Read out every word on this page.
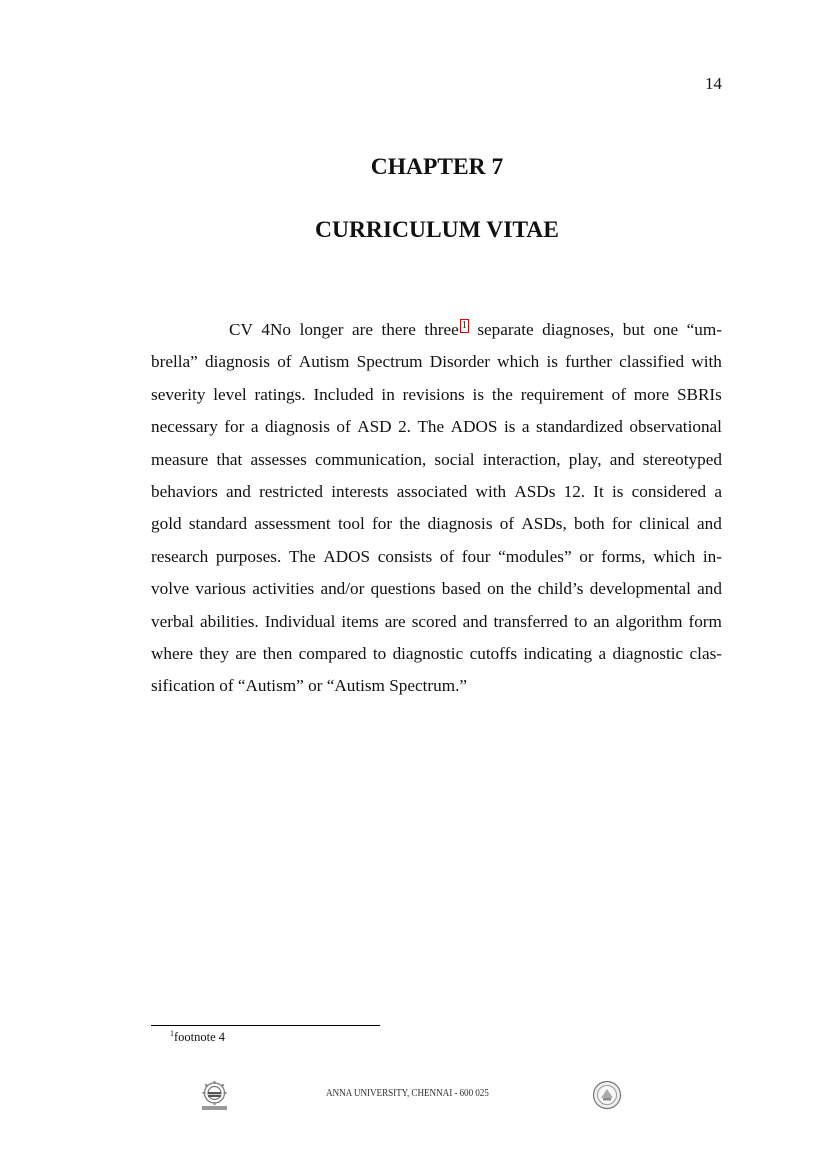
14
CHAPTER 7
CURRICULUM VITAE
CV 4No longer are there three 1 separate diagnoses, but one “um-
brella” diagnosis of Autism Spectrum Disorder which is further classified with
severity level ratings. Included in revisions is the requirement of more SBRIs
necessary for a diagnosis of ASD 2. The ADOS is a standardized observational
measure that assesses communication, social interaction, play, and stereotyped
behaviors and restricted interests associated with ASDs 12. It is considered a
gold standard assessment tool for the diagnosis of ASDs, both for clinical and
research purposes. The ADOS consists of four “modules” or forms, which in-
volve various activities and/or questions based on the child’s developmental and
verbal abilities. Individual items are scored and transferred to an algorithm form
where they are then compared to diagnostic cutoffs indicating a diagnostic clas-
sification of “Autism” or “Autism Spectrum.”
$^1$footnote 4
ANNA UNIVERSITY, CHENNAI - 600 025
